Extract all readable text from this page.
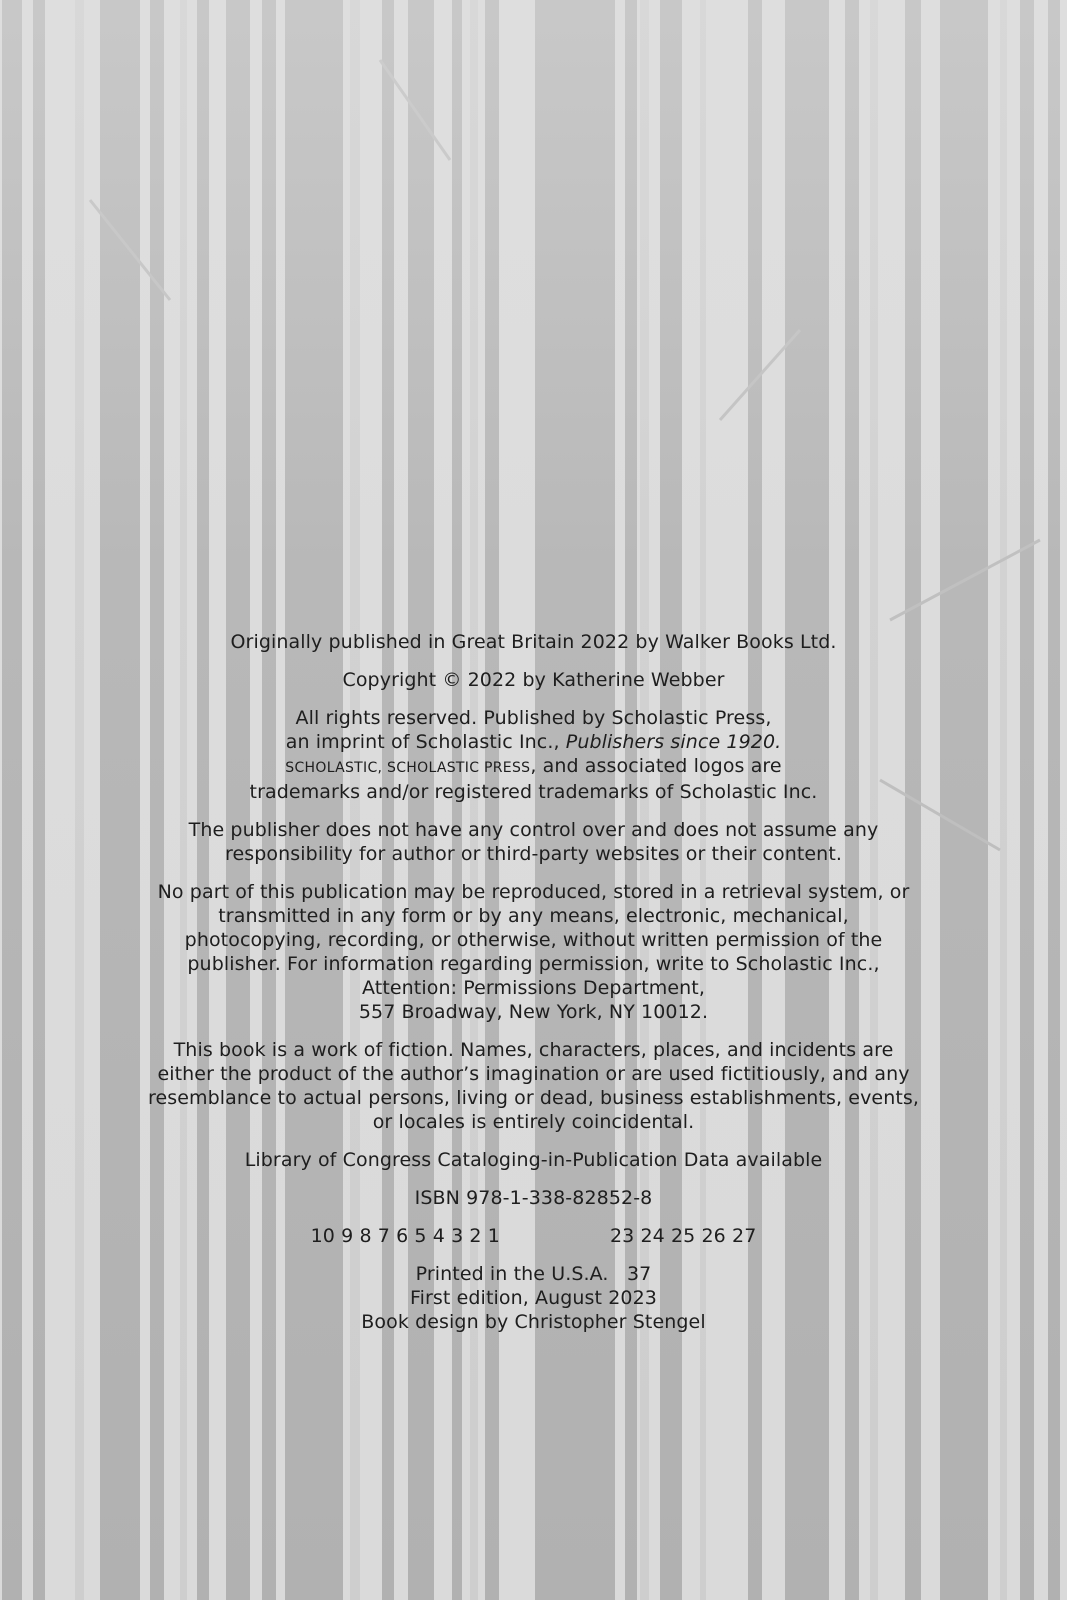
Originally published in Great Britain 2022 by Walker Books Ltd.

Copyright © 2022 by Katherine Webber

All rights reserved. Published by Scholastic Press,
an imprint of Scholastic Inc., Publishers since 1920.
SCHOLASTIC, SCHOLASTIC PRESS, and associated logos are
trademarks and/or registered trademarks of Scholastic Inc.

The publisher does not have any control over and does not assume any
responsibility for author or third-party websites or their content.

No part of this publication may be reproduced, stored in a retrieval system, or
transmitted in any form or by any means, electronic, mechanical,
photocopying, recording, or otherwise, without written permission of the
publisher. For information regarding permission, write to Scholastic Inc.,
Attention: Permissions Department,
557 Broadway, New York, NY 10012.

This book is a work of fiction. Names, characters, places, and incidents are
either the product of the author’s imagination or are used fictitiously, and any
resemblance to actual persons, living or dead, business establishments, events,
or locales is entirely coincidental.

Library of Congress Cataloging-in-Publication Data available

ISBN 978-1-338-82852-8

10 9 8 7 6 5 4 3 2 1	23 24 25 26 27

Printed in the U.S.A.   37
First edition, August 2023
Book design by Christopher Stengel
